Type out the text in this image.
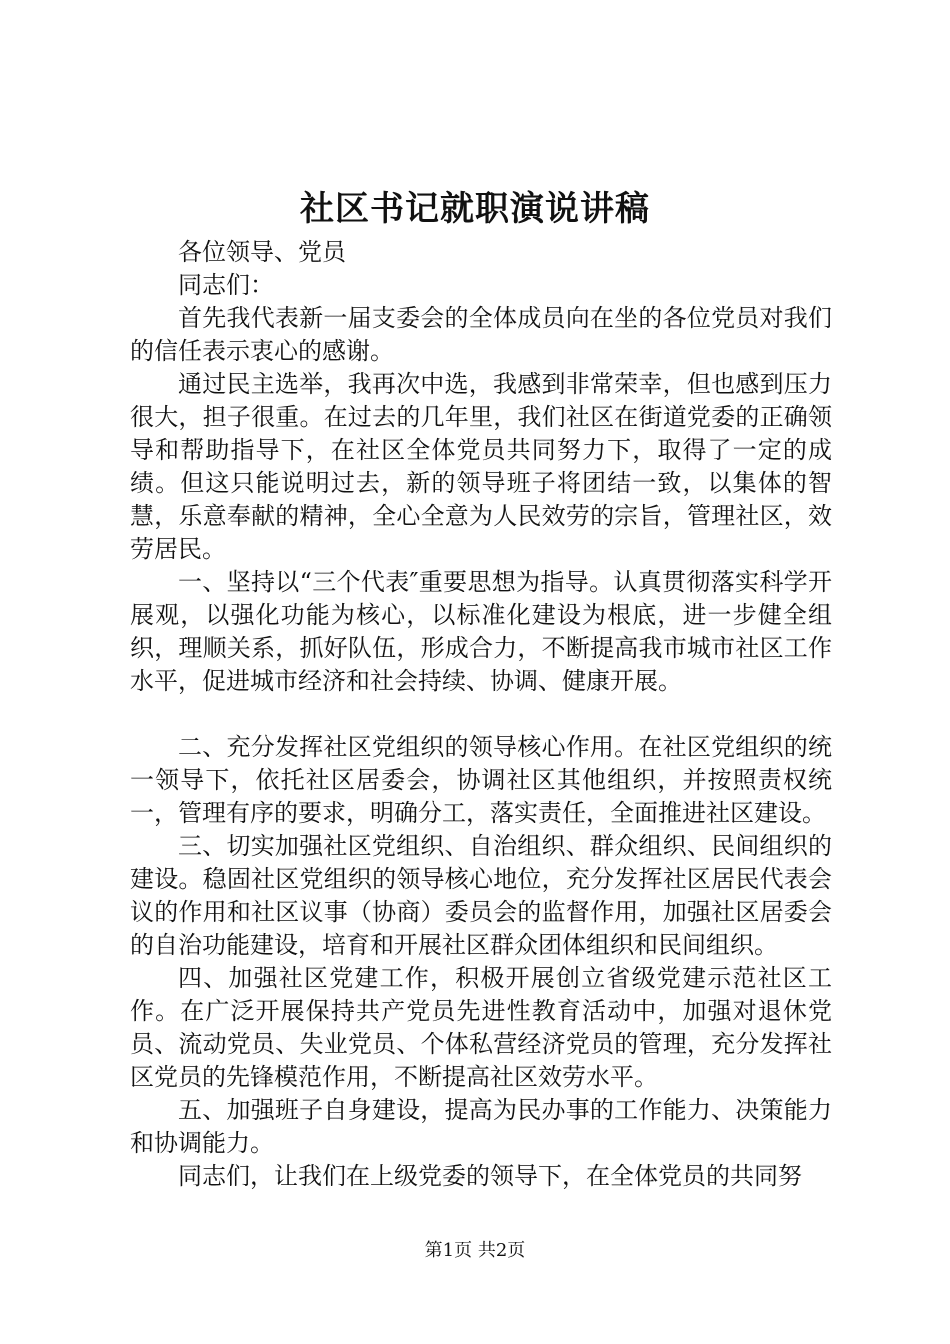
社区书记就职演说讲稿

各位领导、党员

同志们：

首先我代表新一届支委会的全体成员向在坐的各位党员对我们的信任表示衷心的感谢。

通过民主选举，我再次中选，我感到非常荣幸，但也感到压力很大，担子很重。在过去的几年里，我们社区在街道党委的正确领导和帮助指导下，在社区全体党员共同努力下，取得了一定的成绩。但这只能说明过去，新的领导班子将团结一致，以集体的智慧，乐意奉献的精神，全心全意为人民效劳的宗旨，管理社区，效劳居民。

一、坚持以“三个代表″重要思想为指导。认真贯彻落实科学开展观，以强化功能为核心，以标准化建设为根底，进一步健全组织，理顺关系，抓好队伍，形成合力，不断提高我市城市社区工作水平，促进城市经济和社会持续、协调、健康开展。

二、充分发挥社区党组织的领导核心作用。在社区党组织的统一领导下，依托社区居委会，协调社区其他组织，并按照责权统一，管理有序的要求，明确分工，落实责任，全面推进社区建设。

三、切实加强社区党组织、自治组织、群众组织、民间组织的建设。稳固社区党组织的领导核心地位，充分发挥社区居民代表会议的作用和社区议事（协商）委员会的监督作用，加强社区居委会的自治功能建设，培育和开展社区群众团体组织和民间组织。

四、加强社区党建工作，积极开展创立省级党建示范社区工作。在广泛开展保持共产党员先进性教育活动中，加强对退休党员、流动党员、失业党员、个体私营经济党员的管理，充分发挥社区党员的先锋模范作用，不断提高社区效劳水平。

五、加强班子自身建设，提高为民办事的工作能力、决策能力和协调能力。

同志们，让我们在上级党委的领导下，在全体党员的共同努

第1页 共2页
